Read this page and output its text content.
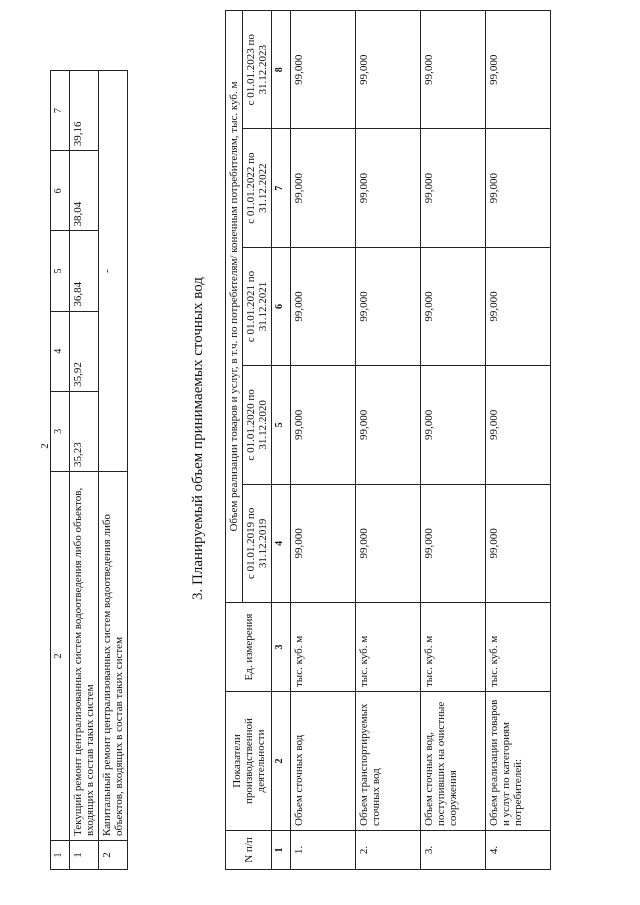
2
1	2	3	4	5	6	7
1	Текущий ремонт централизованных систем водоотведения либо объектов, входящих в состав таких систем	35,23	35,92	36,84	38,04	39,16
2	Капитальный ремонт централизованных систем водоотведения либо объектов, входящих в состав таких систем	-				
3. Планируемый объем принимаемых сточных вод
N п/п	Показатели производственной деятельности	Ед. измерения	Объем реализации товаров и услуг, в т.ч. по потребителям/ конечным потребителям, тыс. куб. м				
			с 01.01.2019 по 31.12.2019	с 01.01.2020 по 31.12.2020	с 01.01.2021 по 31.12.2021	с 01.01.2022 по 31.12.2022	с 01.01.2023 по 31.12.2023
1	2	3	4	5	6	7	8
1.	Объем сточных вод	тыс. куб. м	99,000	99,000	99,000	99,000	99,000
2.	Объем транспортируемых сточных вод	тыс. куб. м	99,000	99,000	99,000	99,000	99,000
3.	Объем сточных вод, поступивших на очистные сооружения	тыс. куб. м	99,000	99,000	99,000	99,000	99,000
4.	Объем реализации товаров и услуг по категориям потребителей:	тыс. куб. м	99,000	99,000	99,000	99,000	99,000
